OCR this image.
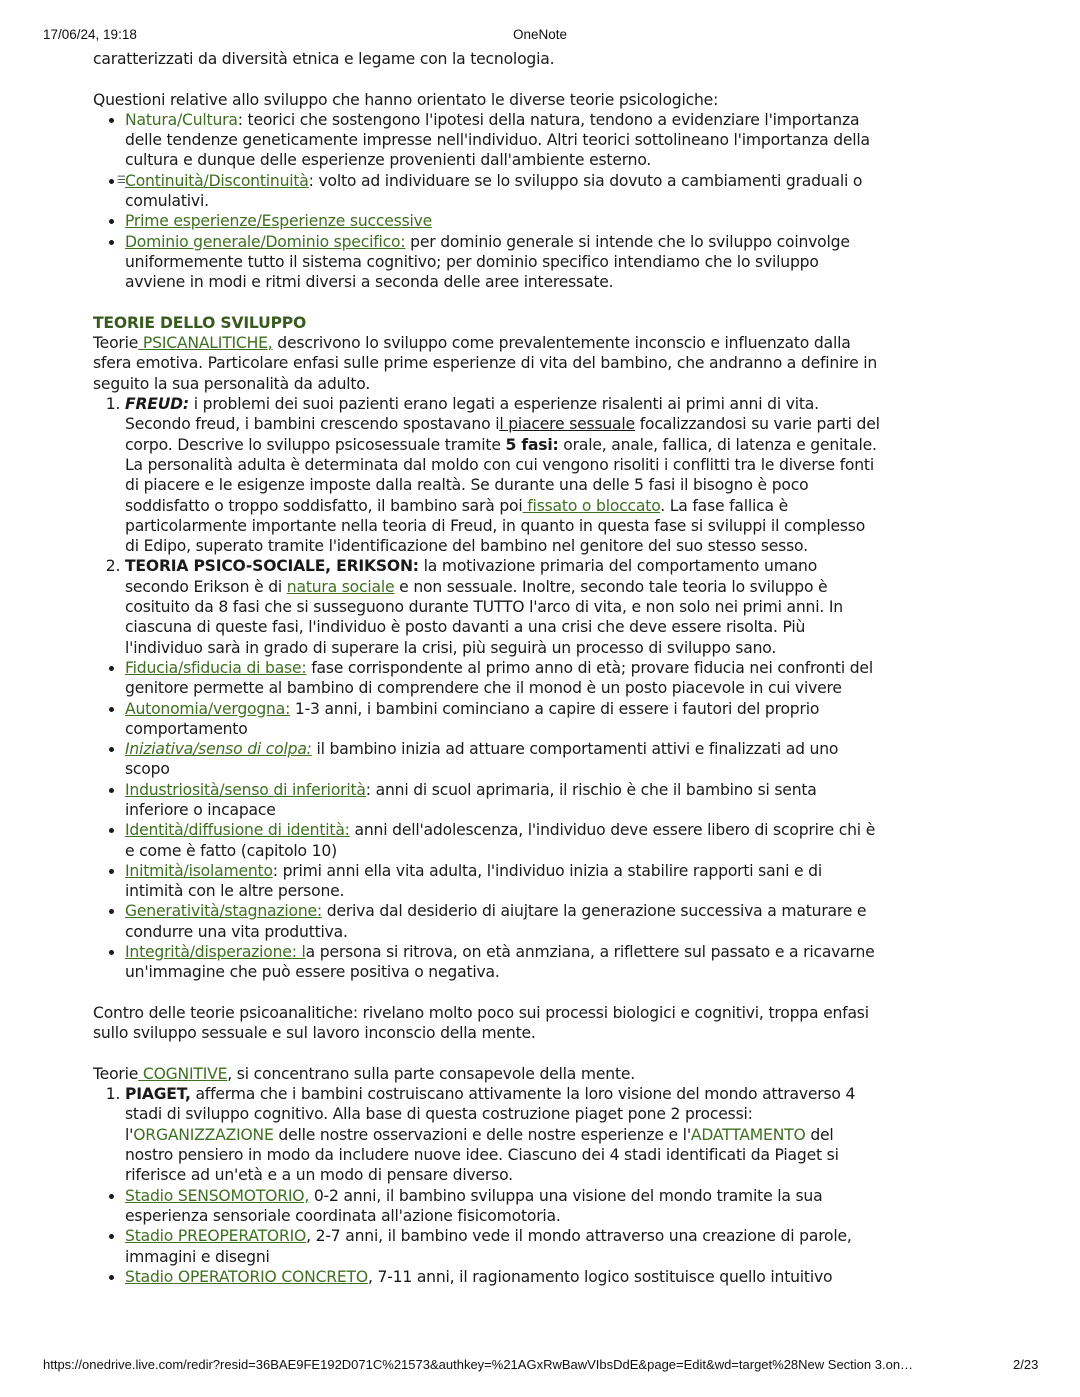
17/06/24, 19:18	OneNote

caratterizzati da diversità etnica e legame con la tecnologia.

Questioni relative allo sviluppo che hanno orientato le diverse teorie psicologiche:

• Natura/Cultura: teorici che sostengono l'ipotesi della natura, tendono a evidenziare l'importanza delle tendenze geneticamente impresse nell'individuo. Altri teorici sottolineano l'importanza della cultura e dunque delle esperienze provenienti dall'ambiente esterno.
• ☰ Continuità/Discontinuità: volto ad individuare se lo sviluppo sia dovuto a cambiamenti graduali o comulativi.
• Prime esperienze/Esperienze successive
• Dominio generale/Dominio specifico: per dominio generale si intende che lo sviluppo coinvolge uniformemente tutto il sistema cognitivo; per dominio specifico intendiamo che lo sviluppo avviene in modi e ritmi diversi a seconda delle aree interessate.

TEORIE DELLO SVILUPPO

Teorie PSICANALITICHE, descrivono lo sviluppo come prevalentemente inconscio e influenzato dalla sfera emotiva. Particolare enfasi sulle prime esperienze di vita del bambino, che andranno a definire in seguito la sua personalità da adulto.

1. FREUD: i problemi dei suoi pazienti erano legati a esperienze risalenti ai primi anni di vita. Secondo freud, i bambini crescendo spostavano il piacere sessuale focalizzandosi su varie parti del corpo. Descrive lo sviluppo psicosessuale tramite 5 fasi: orale, anale, fallica, di latenza e genitale. La personalità adulta è determinata dal moldo con cui vengono risoliti i conflitti tra le diverse fonti di piacere e le esigenze imposte dalla realtà. Se durante una delle 5 fasi il bisogno è poco soddisfatto o troppo soddisfatto, il bambino sarà poi fissato o bloccato. La fase fallica è particolarmente importante nella teoria di Freud, in quanto in questa fase si sviluppi il complesso di Edipo, superato tramite l'identificazione del bambino nel genitore del suo stesso sesso.
2. TEORIA PSICO-SOCIALE, ERIKSON: la motivazione primaria del comportamento umano secondo Erikson è di natura sociale e non sessuale. Inoltre, secondo tale teoria lo sviluppo è cosituito da 8 fasi che si susseguono durante TUTTO l'arco di vita, e non solo nei primi anni. In ciascuna di queste fasi, l'individuo è posto davanti a una crisi che deve essere risolta. Più l'individuo sarà in grado di superare la crisi, più seguirà un processo di sviluppo sano.
• Fiducia/sfiducia di base: fase corrispondente al primo anno di età; provare fiducia nei confronti del genitore permette al bambino di comprendere che il monod è un posto piacevole in cui vivere
• Autonomia/vergogna: 1-3 anni, i bambini cominciano a capire di essere i fautori del proprio comportamento
• Iniziativa/senso di colpa: il bambino inizia ad attuare comportamenti attivi e finalizzati ad uno scopo
• Industriosità/senso di inferiorità: anni di scuol aprimaria, il rischio è che il bambino si senta inferiore o incapace
• Identità/diffusione di identità: anni dell'adolescenza, l'individuo deve essere libero di scoprire chi è e come è fatto (capitolo 10)
• Initmità/isolamento: primi anni ella vita adulta, l'individuo inizia a stabilire rapporti sani e di intimità con le altre persone.
• Generatività/stagnazione: deriva dal desiderio di aiujtare la generazione successiva a maturare e condurre una vita produttiva.
• Integrità/disperazione: la persona si ritrova, on età anmziana, a riflettere sul passato e a ricavarne un'immagine che può essere positiva o negativa.

Contro delle teorie psicoanalitiche: rivelano molto poco sui processi biologici e cognitivi, troppa enfasi sullo sviluppo sessuale e sul lavoro inconscio della mente.

Teorie COGNITIVE, si concentrano sulla parte consapevole della mente.

1. PIAGET, afferma che i bambini costruiscano attivamente la loro visione del mondo attraverso 4 stadi di sviluppo cognitivo. Alla base di questa costruzione piaget pone 2 processi: l'ORGANIZZAZIONE delle nostre osservazioni e delle nostre esperienze e l'ADATTAMENTO del nostro pensiero in modo da includere nuove idee. Ciascuno dei 4 stadi identificati da Piaget si riferisce ad un'età e a un modo di pensare diverso.
• Stadio SENSOMOTORIO, 0-2 anni, il bambino sviluppa una visione del mondo tramite la sua esperienza sensoriale coordinata all'azione fisicomotoria.
• Stadio PREOPERATORIO, 2-7 anni, il bambino vede il mondo attraverso una creazione di parole, immagini e disegni
• Stadio OPERATORIO CONCRETO, 7-11 anni, il ragionamento logico sostituisce quello intuitivo
https://onedrive.live.com/redir?resid=36BAE9FE192D071C%21573&authkey=%21AGxRwBawVIbsDdE&page=Edit&wd=target%28New Section 3.on…	2/23
